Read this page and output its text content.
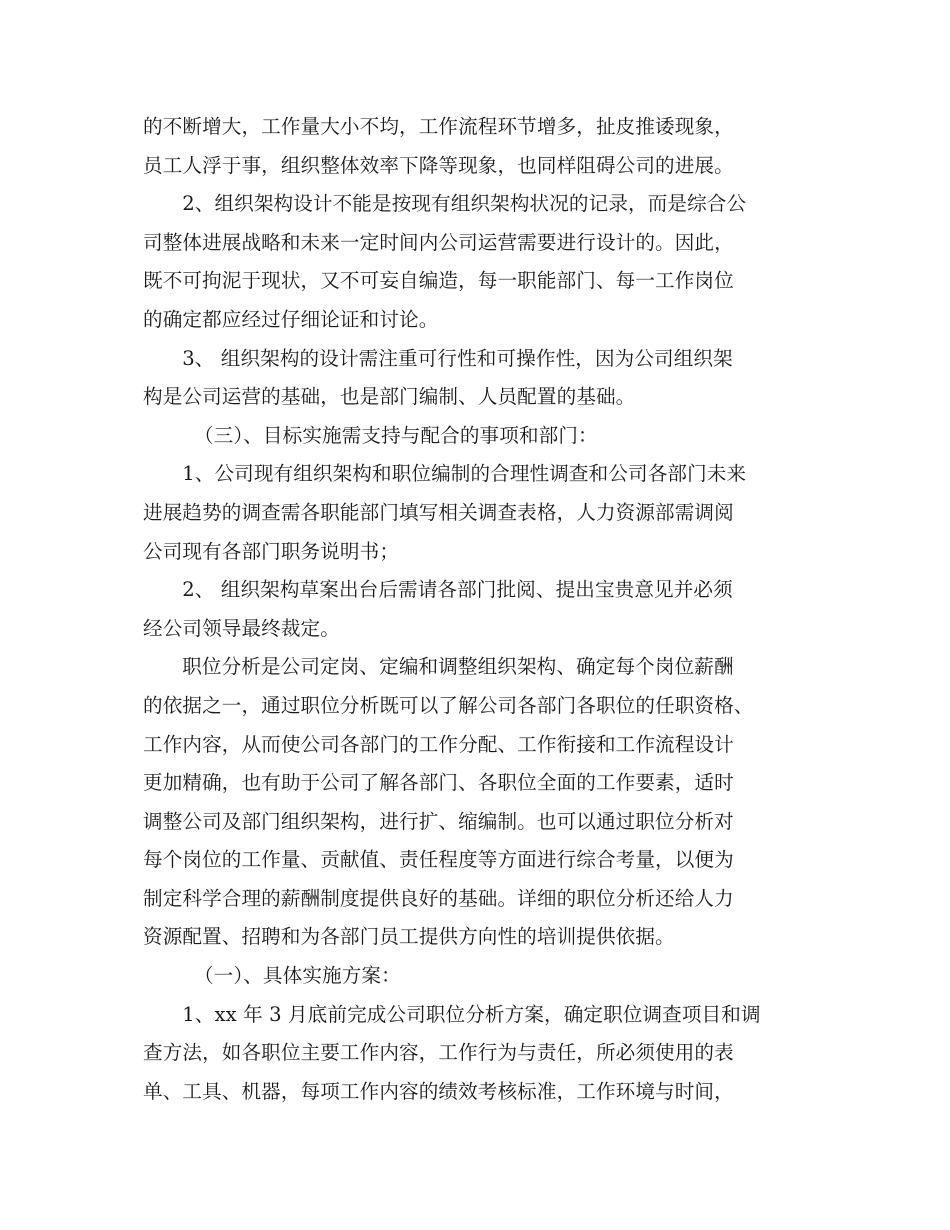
的不断增大，工作量大小不均，工作流程环节增多，扯皮推诿现象，
员工人浮于事，组织整体效率下降等现象，也同样阻碍公司的进展。

2、组织架构设计不能是按现有组织架构状况的记录，而是综合公
司整体进展战略和未来一定时间内公司运营需要进行设计的。因此，
既不可拘泥于现状，又不可妄自编造，每一职能部门、每一工作岗位
的确定都应经过仔细论证和讨论。

3、 组织架构的设计需注重可行性和可操作性，因为公司组织架
构是公司运营的基础，也是部门编制、人员配置的基础。

（三）、目标实施需支持与配合的事项和部门：

1、公司现有组织架构和职位编制的合理性调查和公司各部门未来
进展趋势的调查需各职能部门填写相关调查表格，人力资源部需调阅
公司现有各部门职务说明书；

2、 组织架构草案出台后需请各部门批阅、提出宝贵意见并必须
经公司领导最终裁定。

职位分析是公司定岗、定编和调整组织架构、确定每个岗位薪酬
的依据之一，通过职位分析既可以了解公司各部门各职位的任职资格、
工作内容，从而使公司各部门的工作分配、工作衔接和工作流程设计
更加精确，也有助于公司了解各部门、各职位全面的工作要素，适时
调整公司及部门组织架构，进行扩、缩编制。也可以通过职位分析对
每个岗位的工作量、贡献值、责任程度等方面进行综合考量，以便为
制定科学合理的薪酬制度提供良好的基础。详细的职位分析还给人力
资源配置、招聘和为各部门员工提供方向性的培训提供依据。

（一）、具体实施方案：

1、xx 年 3 月底前完成公司职位分析方案，确定职位调查项目和调
查方法，如各职位主要工作内容，工作行为与责任，所必须使用的表
单、工具、机器，每项工作内容的绩效考核标准，工作环境与时间，
